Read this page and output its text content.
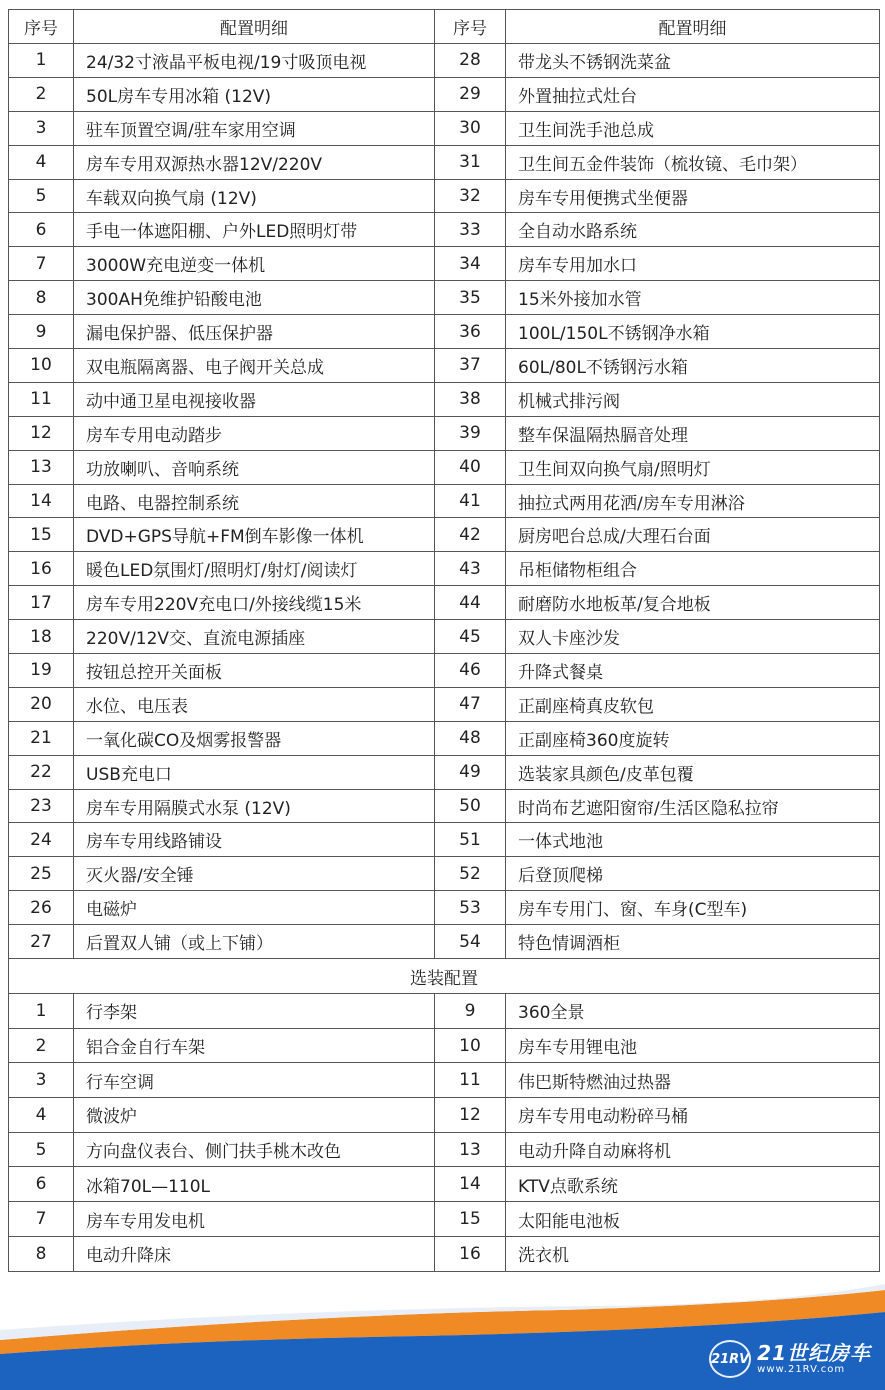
序号	配置明细	序号	配置明细
1	24/32寸液晶平板电视/19寸吸顶电视	28	带龙头不锈钢洗菜盆
2	50L房车专用冰箱 (12V)	29	外置抽拉式灶台
3	驻车顶置空调/驻车家用空调	30	卫生间洗手池总成
4	房车专用双源热水器12V/220V	31	卫生间五金件装饰（梳妆镜、毛巾架）
5	车载双向换气扇 (12V)	32	房车专用便携式坐便器
6	手电一体遮阳棚、户外LED照明灯带	33	全自动水路系统
7	3000W充电逆变一体机	34	房车专用加水口
8	300AH免维护铅酸电池	35	15米外接加水管
9	漏电保护器、低压保护器	36	100L/150L不锈钢净水箱
10	双电瓶隔离器、电子阀开关总成	37	60L/80L不锈钢污水箱
11	动中通卫星电视接收器	38	机械式排污阀
12	房车专用电动踏步	39	整车保温隔热膈音处理
13	功放喇叭、音响系统	40	卫生间双向换气扇/照明灯
14	电路、电器控制系统	41	抽拉式两用花洒/房车专用淋浴
15	DVD+GPS导航+FM倒车影像一体机	42	厨房吧台总成/大理石台面
16	暖色LED氛围灯/照明灯/射灯/阅读灯	43	吊柜储物柜组合
17	房车专用220V充电口/外接线缆15米	44	耐磨防水地板革/复合地板
18	220V/12V交、直流电源插座	45	双人卡座沙发
19	按钮总控开关面板	46	升降式餐桌
20	水位、电压表	47	正副座椅真皮软包
21	一氧化碳CO及烟雾报警器	48	正副座椅360度旋转
22	USB充电口	49	选装家具颜色/皮革包覆
23	房车专用隔膜式水泵 (12V)	50	时尚布艺遮阳窗帘/生活区隐私拉帘
24	房车专用线路铺设	51	一体式地池
25	灭火器/安全锤	52	后登顶爬梯
26	电磁炉	53	房车专用门、窗、车身(C型车)
27	后置双人铺（或上下铺）	54	特色情调酒柜
选装配置			
1	行李架	9	360全景
2	铝合金自行车架	10	房车专用锂电池
3	行车空调	11	伟巴斯特燃油过热器
4	微波炉	12	房车专用电动粉碎马桶
5	方向盘仪表台、侧门扶手桃木改色	13	电动升降自动麻将机
6	冰箱70L—110L	14	KTV点歌系统
7	房车专用发电机	15	太阳能电池板
8	电动升降床	16	洗衣机
21RV 21世纪房车
www.21RV.com
